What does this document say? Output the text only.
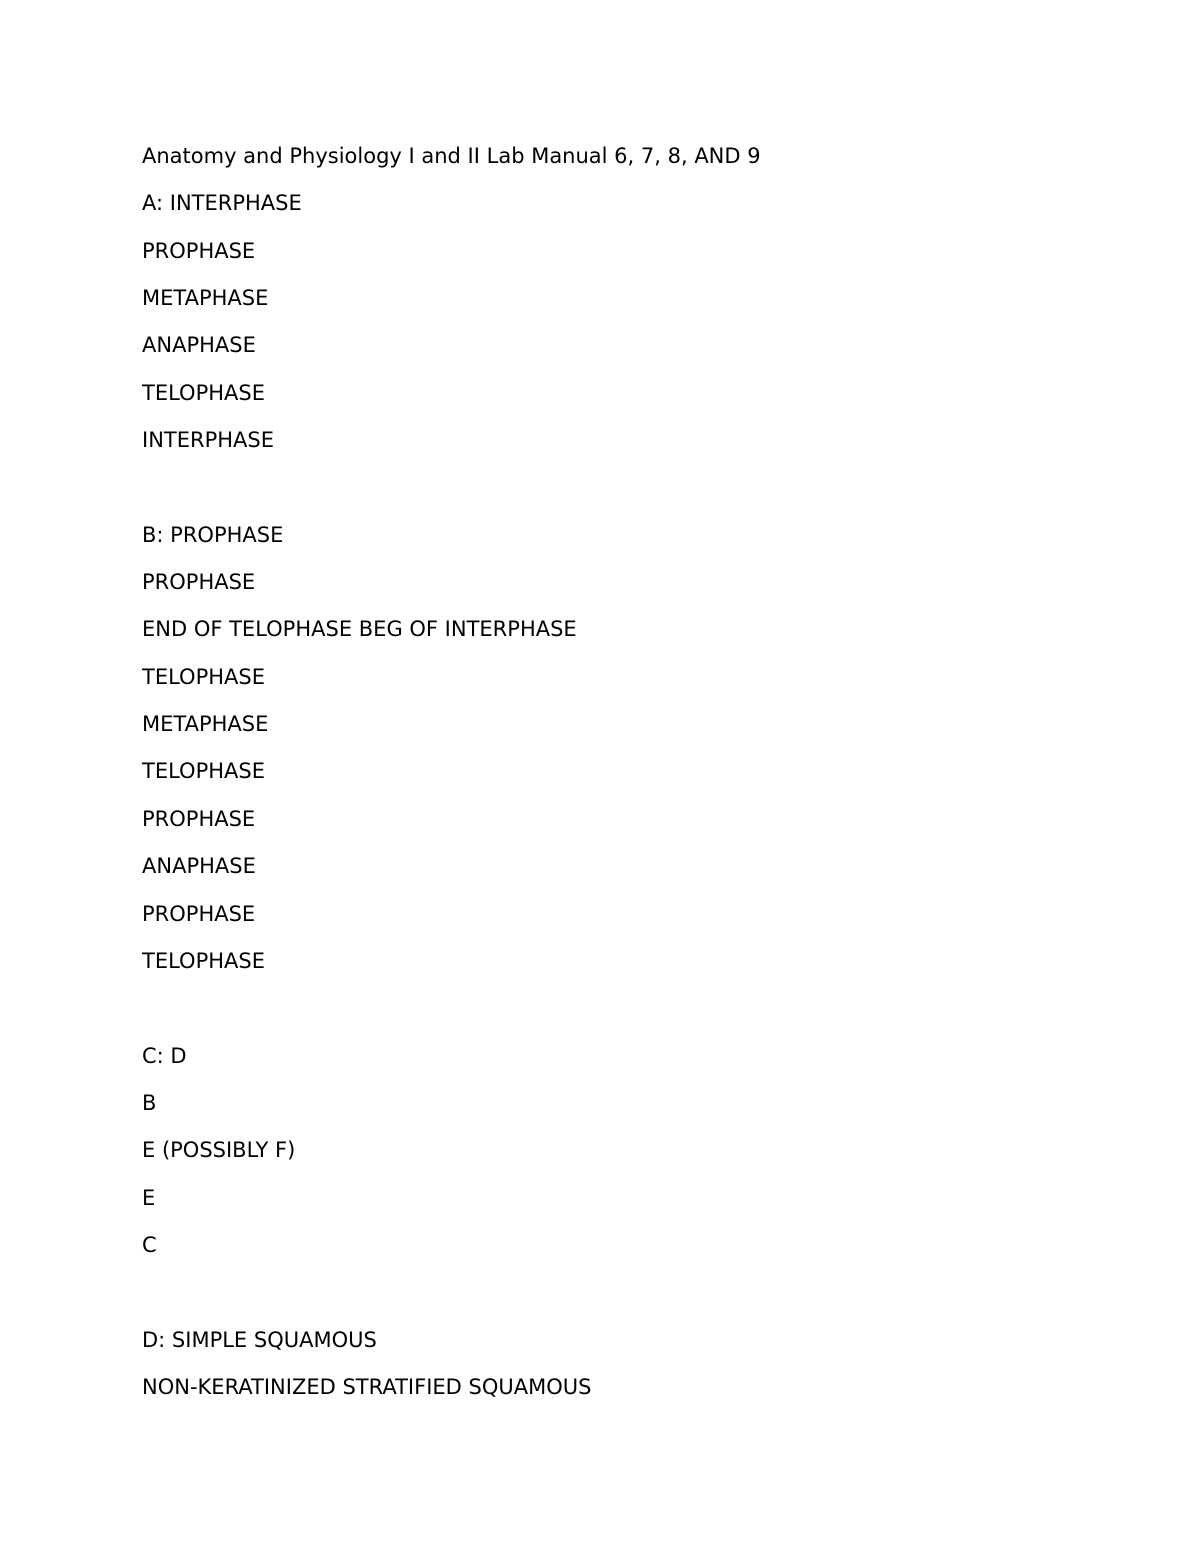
Anatomy and Physiology I and II Lab Manual 6, 7, 8, AND 9
A: INTERPHASE
PROPHASE
METAPHASE
ANAPHASE
TELOPHASE
INTERPHASE
B: PROPHASE
PROPHASE
END OF TELOPHASE BEG OF INTERPHASE
TELOPHASE
METAPHASE
TELOPHASE
PROPHASE
ANAPHASE
PROPHASE
TELOPHASE
C: D
B
E (POSSIBLY F)
E
C
D: SIMPLE SQUAMOUS
NON-KERATINIZED STRATIFIED SQUAMOUS
